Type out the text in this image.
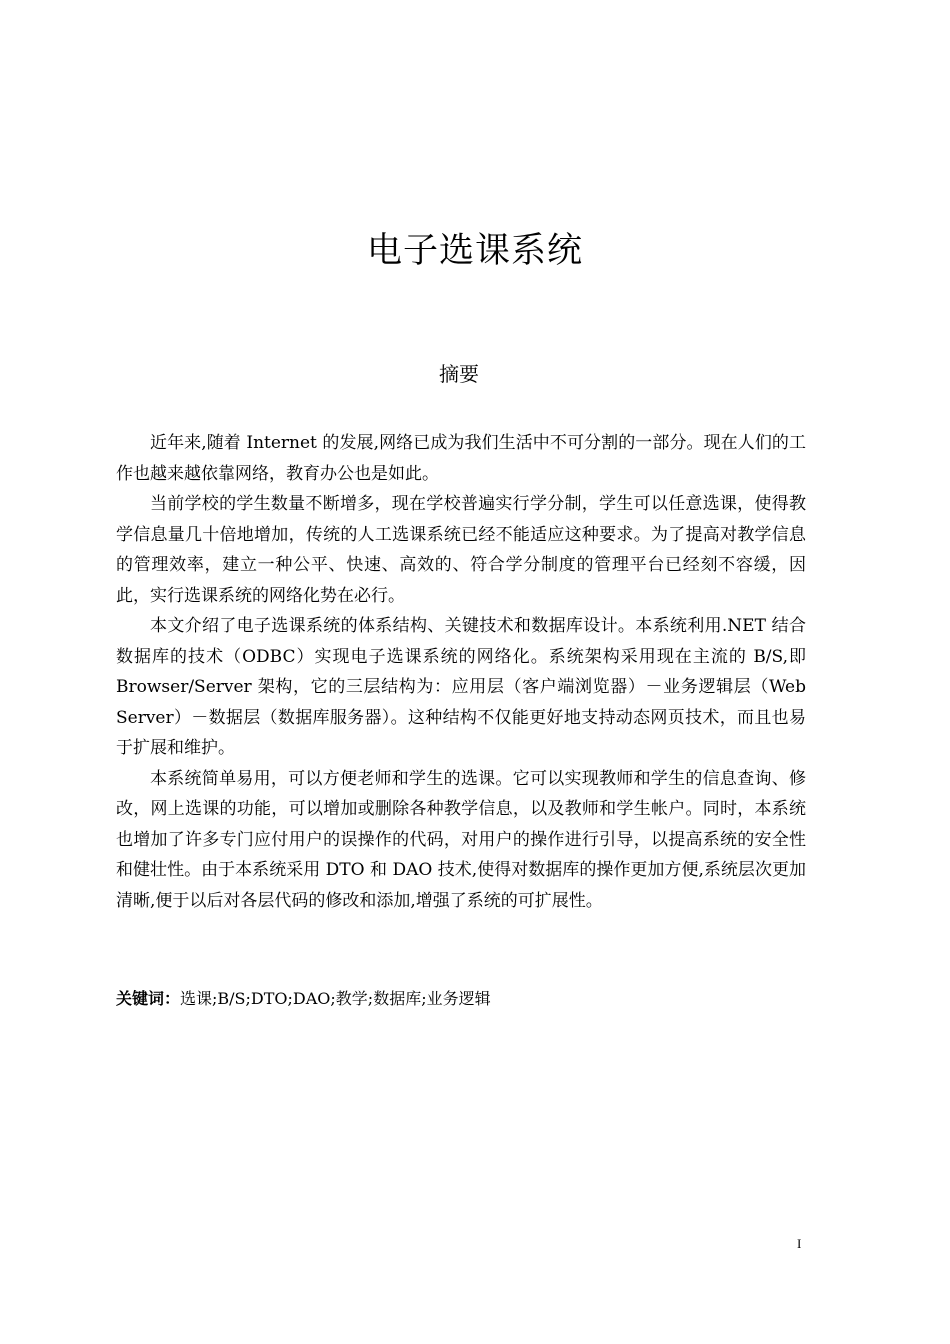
电子选课系统
摘要

近年来,随着 Internet 的发展,网络已成为我们生活中不可分割的一部分。现在人们的工作也越来越依靠网络，教育办公也是如此。

当前学校的学生数量不断增多，现在学校普遍实行学分制，学生可以任意选课，使得教学信息量几十倍地增加，传统的人工选课系统已经不能适应这种要求。为了提高对教学信息的管理效率，建立一种公平、快速、高效的、符合学分制度的管理平台已经刻不容缓，因此，实行选课系统的网络化势在必行。

本文介绍了电子选课系统的体系结构、关键技术和数据库设计。本系统利用.NET 结合数据库的技术（ODBC）实现电子选课系统的网络化。系统架构采用现在主流的 B/S,即 Browser/Server 架构，它的三层结构为：应用层（客户端浏览器）－业务逻辑层（Web Server）－数据层（数据库服务器）。这种结构不仅能更好地支持动态网页技术，而且也易于扩展和维护。

本系统简单易用，可以方便老师和学生的选课。它可以实现教师和学生的信息查询、修改，网上选课的功能，可以增加或删除各种教学信息，以及教师和学生帐户。同时，本系统也增加了许多专门应付用户的误操作的代码，对用户的操作进行引导，以提高系统的安全性和健壮性。由于本系统采用 DTO 和 DAO 技术,使得对数据库的操作更加方便,系统层次更加清晰,便于以后对各层代码的修改和添加,增强了系统的可扩展性。

关键词：选课;B/S;DTO;DAO;教学;数据库;业务逻辑
I
